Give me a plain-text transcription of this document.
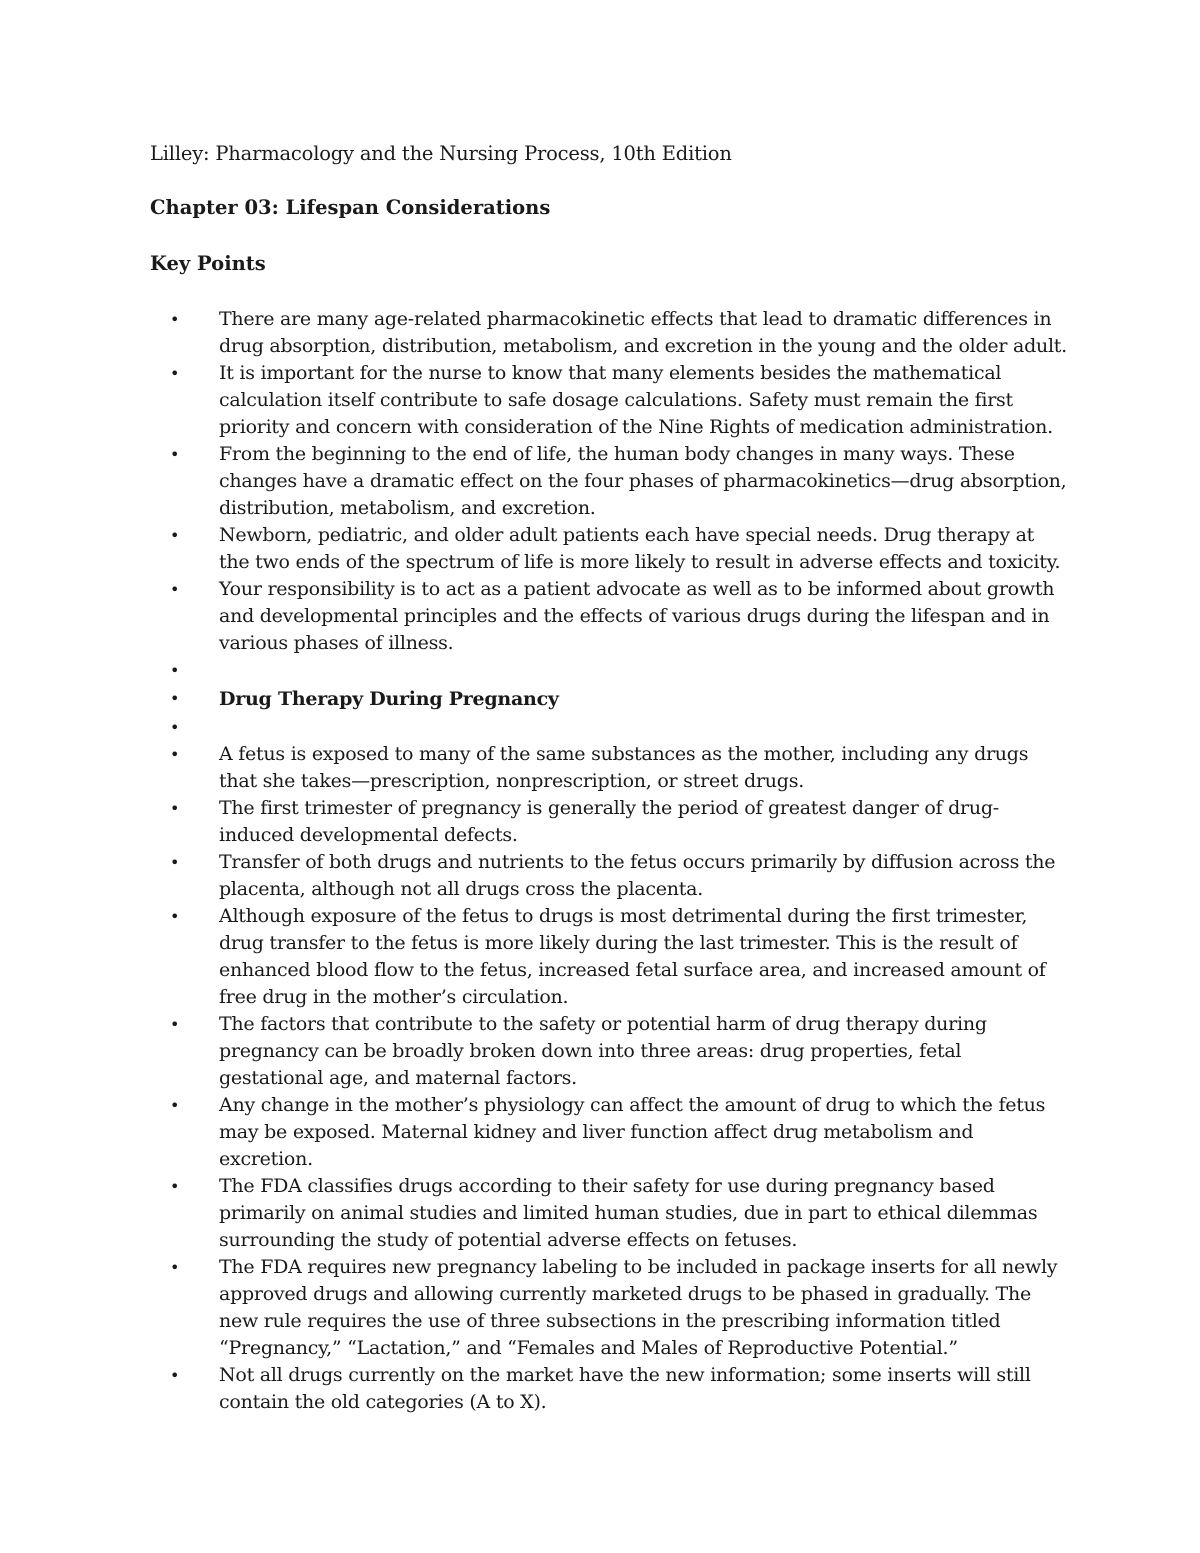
Lilley: Pharmacology and the Nursing Process, 10th Edition

Chapter 03: Lifespan Considerations

Key Points

• There are many age-related pharmacokinetic effects that lead to dramatic differences in drug absorption, distribution, metabolism, and excretion in the young and the older adult.
• It is important for the nurse to know that many elements besides the mathematical calculation itself contribute to safe dosage calculations. Safety must remain the first priority and concern with consideration of the Nine Rights of medication administration.
• From the beginning to the end of life, the human body changes in many ways. These changes have a dramatic effect on the four phases of pharmacokinetics—drug absorption, distribution, metabolism, and excretion.
• Newborn, pediatric, and older adult patients each have special needs. Drug therapy at the two ends of the spectrum of life is more likely to result in adverse effects and toxicity.
• Your responsibility is to act as a patient advocate as well as to be informed about growth and developmental principles and the effects of various drugs during the lifespan and in various phases of illness.
•
• Drug Therapy During Pregnancy
•
• A fetus is exposed to many of the same substances as the mother, including any drugs that she takes—prescription, nonprescription, or street drugs.
• The first trimester of pregnancy is generally the period of greatest danger of drug-induced developmental defects.
• Transfer of both drugs and nutrients to the fetus occurs primarily by diffusion across the placenta, although not all drugs cross the placenta.
• Although exposure of the fetus to drugs is most detrimental during the first trimester, drug transfer to the fetus is more likely during the last trimester. This is the result of enhanced blood flow to the fetus, increased fetal surface area, and increased amount of free drug in the mother’s circulation.
• The factors that contribute to the safety or potential harm of drug therapy during pregnancy can be broadly broken down into three areas: drug properties, fetal gestational age, and maternal factors.
• Any change in the mother’s physiology can affect the amount of drug to which the fetus may be exposed. Maternal kidney and liver function affect drug metabolism and excretion.
• The FDA classifies drugs according to their safety for use during pregnancy based primarily on animal studies and limited human studies, due in part to ethical dilemmas surrounding the study of potential adverse effects on fetuses.
• The FDA requires new pregnancy labeling to be included in package inserts for all newly approved drugs and allowing currently marketed drugs to be phased in gradually. The new rule requires the use of three subsections in the prescribing information titled “Pregnancy,” “Lactation,” and “Females and Males of Reproductive Potential.”
• Not all drugs currently on the market have the new information; some inserts will still contain the old categories (A to X).
